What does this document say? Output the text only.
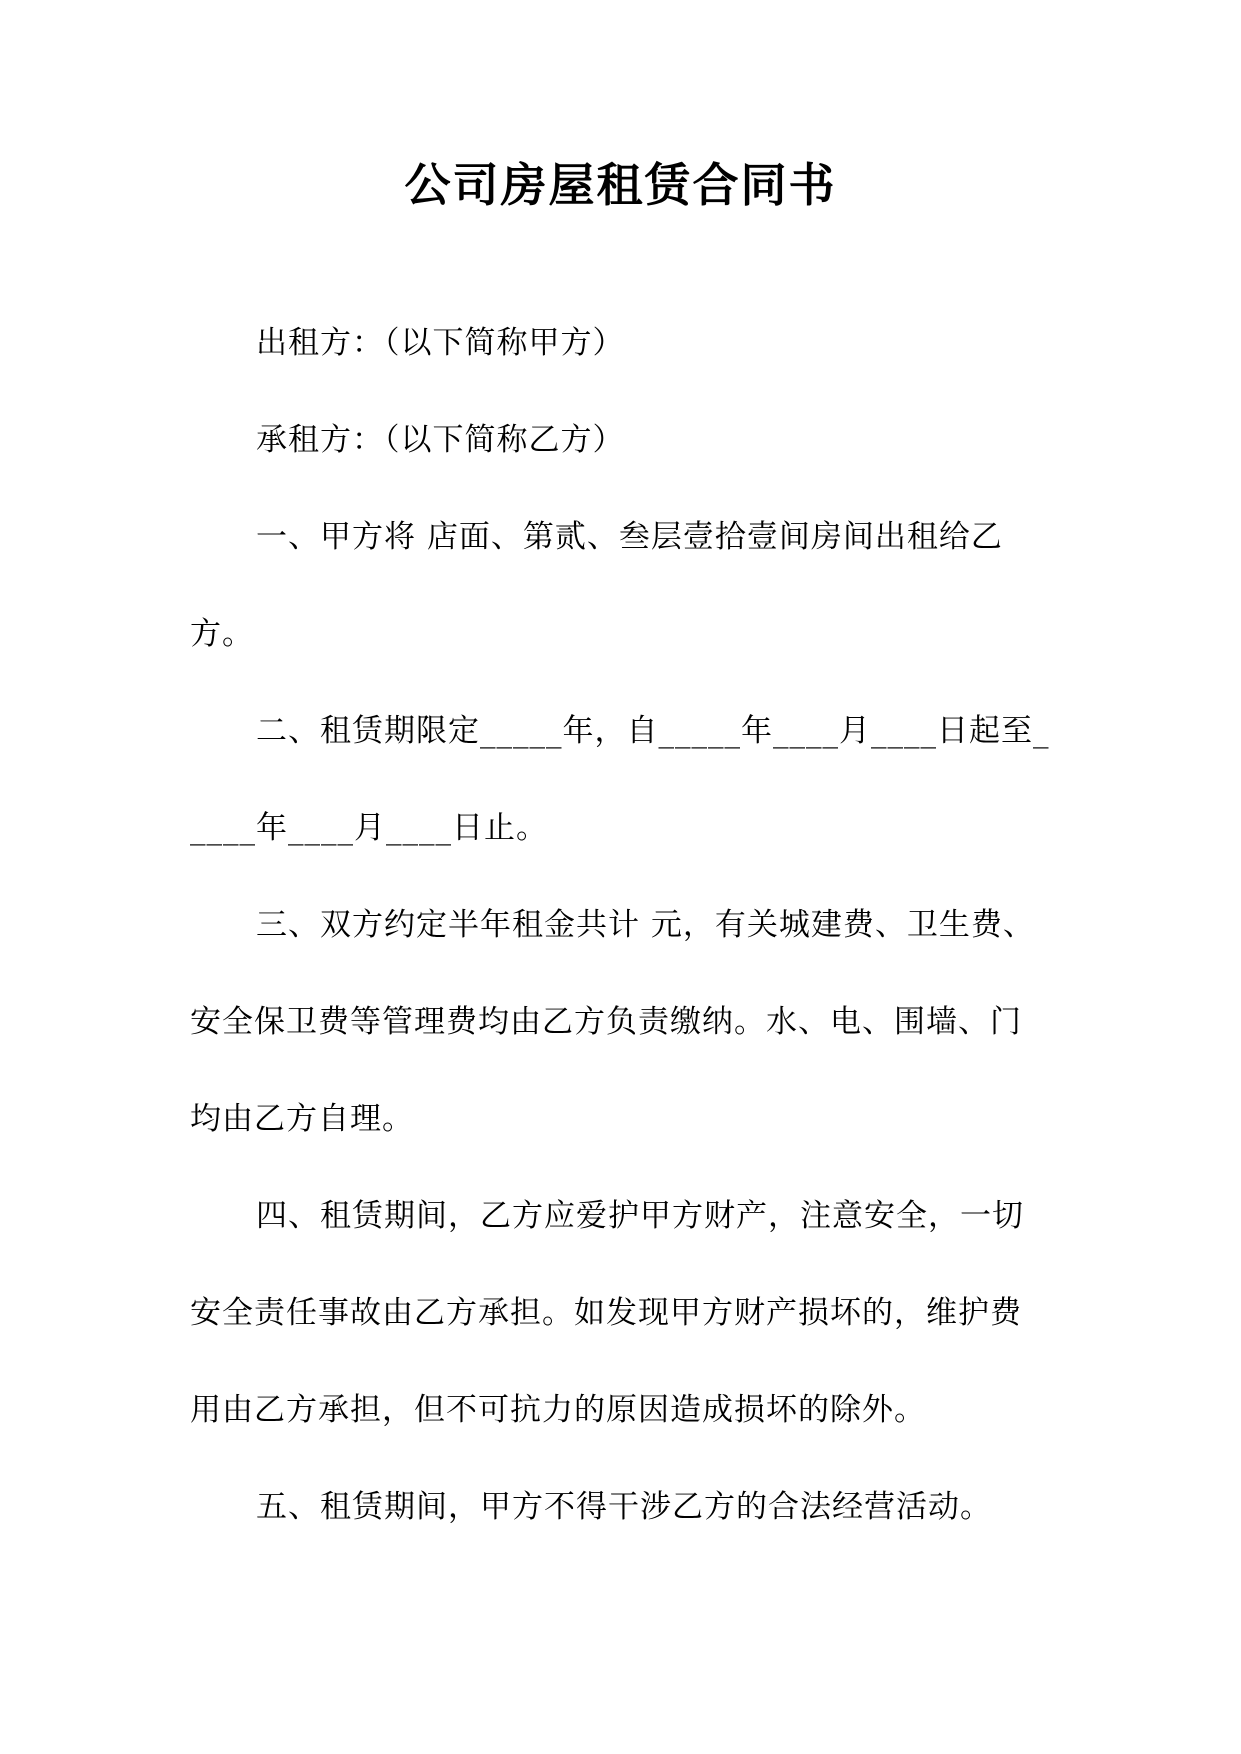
公司房屋租赁合同书

出租方：（以下简称甲方）

承租方：（以下简称乙方）

一、甲方将 店面、第贰、叁层壹拾壹间房间出租给乙方。

二、租赁期限定_____年，自_____年____月____日起至_____年____月____日止。

三、双方约定半年租金共计 元，有关城建费、卫生费、安全保卫费等管理费均由乙方负责缴纳。水、电、围墙、门均由乙方自理。

四、租赁期间，乙方应爱护甲方财产，注意安全，一切安全责任事故由乙方承担。如发现甲方财产损坏的，维护费用由乙方承担，但不可抗力的原因造成损坏的除外。

五、租赁期间，甲方不得干涉乙方的合法经营活动。
